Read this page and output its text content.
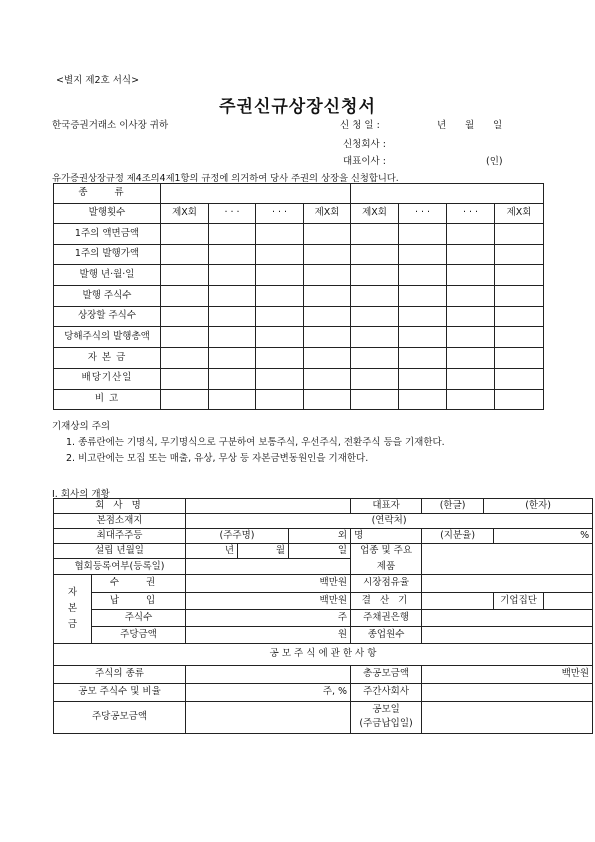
<별지 제2호 서식>
주권신규상장신청서
한국증권거래소 이사장 귀하	신 청 일 :	년 월 일
신청회사 :
대표이사 :	(인)
유가증권상장규정 제4조의4제1항의 규정에 의거하여 당사 주권의 상장을 신청합니다.
종 류								
발행횟수	제X회	· · ·	· · ·	제X회	제X회	· · ·	· · ·	제X회
1주의 액면금액								
1주의 발행가액								
발행 년·월·일								
발행 주식수								
상장할 주식수								
당해주식의 발행총액								
자 본 금								
배당기산일								
비 고								
기재상의 주의
1. 종류란에는 기명식, 무기명식으로 구분하여 보통주식, 우선주식, 전환주식 등을 기재한다.
2. 비고란에는 모집 또는 매출, 유상, 무상 등 자본금변동원인을 기재한다.
Ⅰ. 회사의 개황
회 사 명					대표자	(한글)	(한자)		
본점소재지		(연락처)							
최대주주등		(주주명)		외	명	(지분율)		%	
설립 년월일		년	월	일	업종 및 주요
제품				

협회등록여부(등록일)									

자
본
금	수 권	백만원			시장점유율				
	납 입	백만원			결 산 기			기업집단	
	주식수	주			주채권은행				
	주당금액	원			종업원수				
공 모 주 식 에 관 한 사 항									
주식의 종류					총공모금액	백만원			
공모 주식수 및 비율		주, %			주간사회사				
주당공모금액					공모일
(주금납입일)				
